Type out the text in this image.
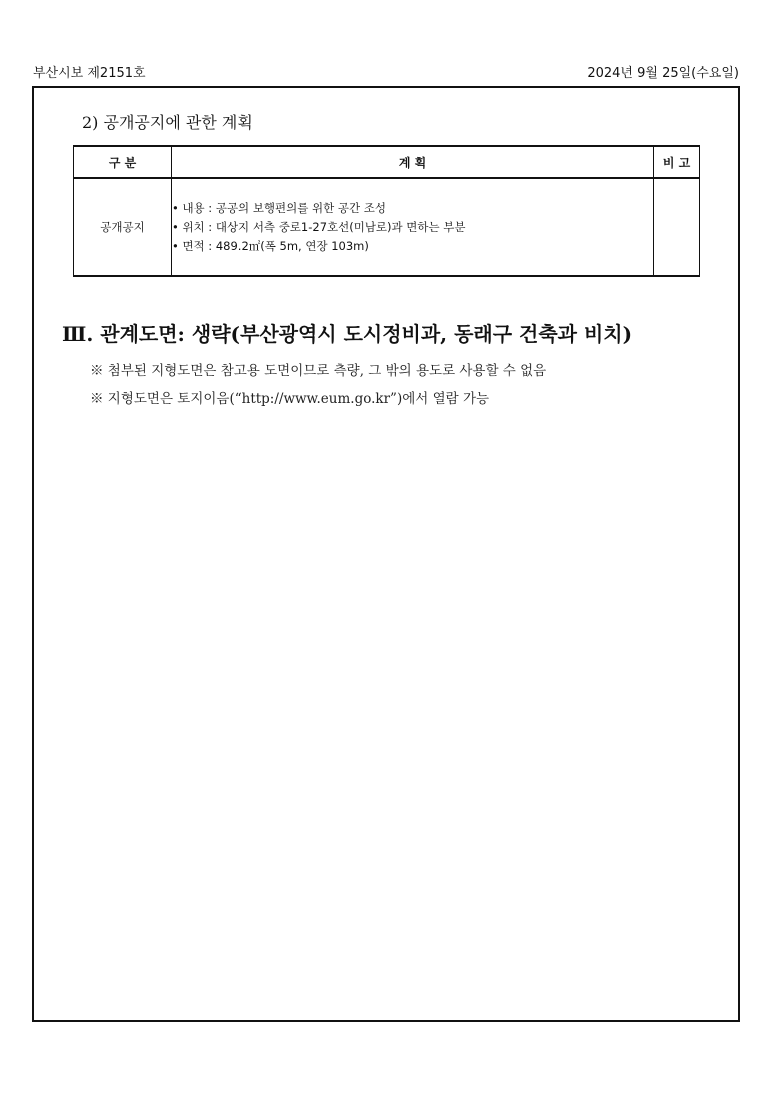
부산시보 제2151호	2024년 9월 25일(수요일)
2) 공개공지에 관한 계획
구 분	계 획	비 고
공개공지	• 내용 : 공공의 보행편의를 위한 공간 조성
• 위치 : 대상지 서측 중로1-27호선(미남로)과 면하는 부분
• 면적 : 489.2㎡(폭 5m, 연장 103m)	

Ⅲ. 관계도면: 생략(부산광역시 도시정비과, 동래구 건축과 비치)
※ 첨부된 지형도면은 참고용 도면이므로 측량, 그 밖의 용도로 사용할 수 없음
※ 지형도면은 토지이음(“http://www.eum.go.kr”)에서 열람 가능
